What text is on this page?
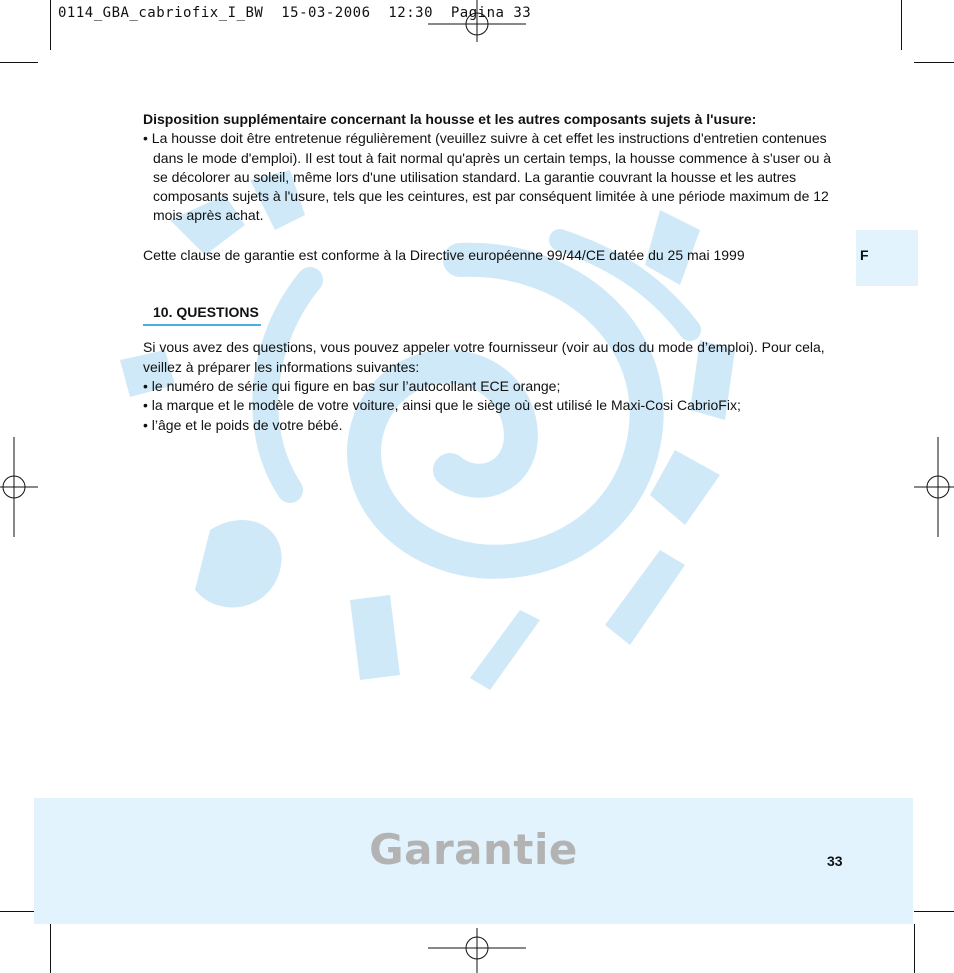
0114_GBA_cabriofix_I_BW  15-03-2006  12:30  Pagina 33
F

Disposition supplémentaire concernant la housse et les autres composants sujets à l'usure:

• La housse doit être entretenue régulièrement (veuillez suivre à cet effet les instructions d'entretien contenues dans le mode d'emploi). Il est tout à fait normal qu'après un certain temps, la housse commence à s'user ou à se décolorer au soleil, même lors d'une utilisation standard. La garantie couvrant la housse et les autres composants sujets à l'usure, tels que les ceintures, est par conséquent limitée à une période maximum de 12 mois après achat.

Cette clause de garantie est conforme à la Directive européenne 99/44/CE datée du 25 mai 1999

10. QUESTIONS

Si vous avez des questions, vous pouvez appeler votre fournisseur (voir au dos du mode d’emploi). Pour cela, veillez à préparer les informations suivantes:

• le numéro de série qui figure en bas sur l’autocollant ECE orange;

• la marque et le modèle de votre voiture, ainsi que le siège où est utilisé le Maxi-Cosi CabrioFix;

• l’âge et le poids de votre bébé.

Garantie	33
